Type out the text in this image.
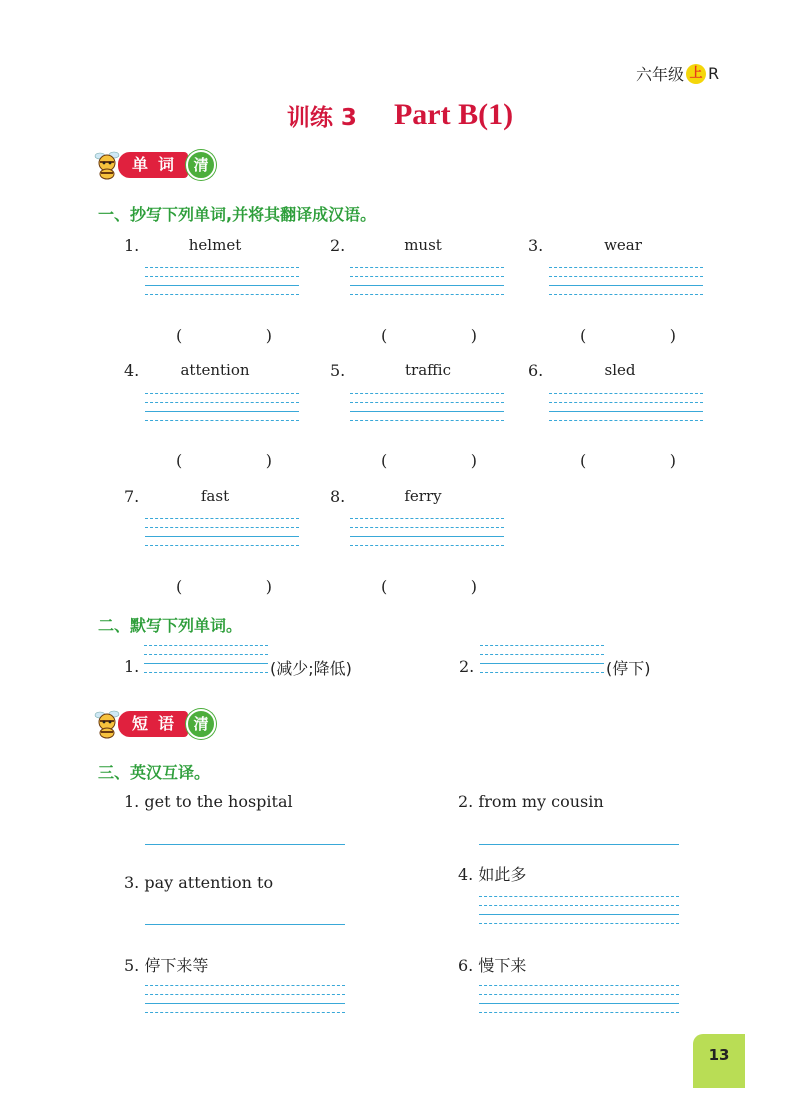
六年级 上 R
训练 3 Part B(1)
单词 清
一、抄写下列单词,并将其翻译成汉语。
1.	helmet
(	)
2.	must
(	)
3.	wear
(	)
4.	attention
(	)
5.	traffic
(	)
6.	sled
(	)
7.	fast
(	)
8.	ferry
(	)
二、默写下列单词。
1.	(减少;降低)	2.	(停下)
短语 清
三、英汉互译。
1. get to the hospital	2. from my cousin
3. pay attention to	4. 如此多
5. 停下来等	6. 慢下来
13
